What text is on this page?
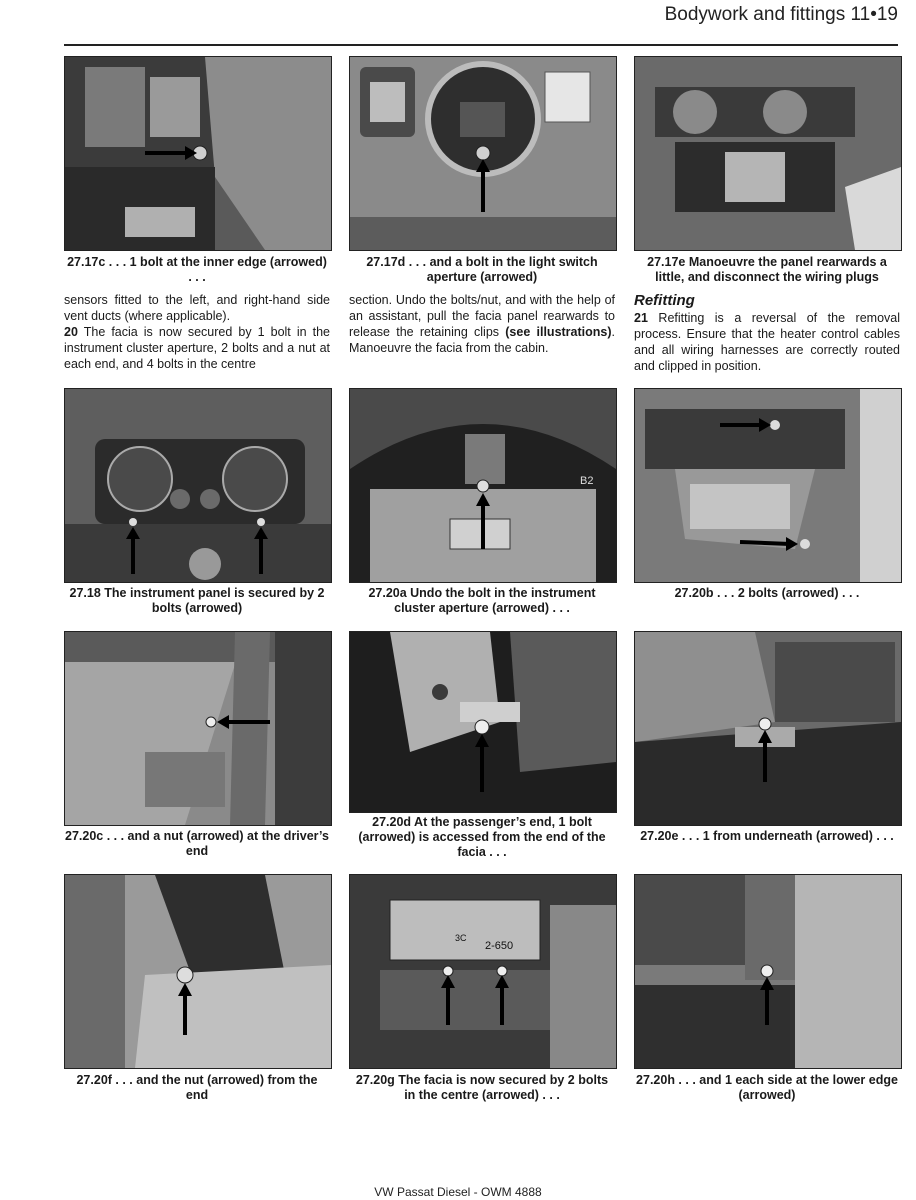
Bodywork and fittings 11•19
27.17c . . . 1 bolt at the inner edge (arrowed) . . .
27.17d . . . and a bolt in the light switch aperture (arrowed)
27.17e Manoeuvre the panel rearwards a little, and disconnect the wiring plugs

sensors fitted to the left, and right-hand side vent ducts (where applicable).

20 The facia is now secured by 1 bolt in the instrument cluster aperture, 2 bolts and a nut at each end, and 4 bolts in the centre

section. Undo the bolts/nut, and with the help of an assistant, pull the facia panel rearwards to release the retaining clips (see illustrations). Manoeuvre the facia from the cabin.

Refitting

21 Refitting is a reversal of the removal process. Ensure that the heater control cables and all wiring harnesses are correctly routed and clipped in position.

B2
27.18 The instrument panel is secured by 2 bolts (arrowed)
27.20a Undo the bolt in the instrument cluster aperture (arrowed) . . .
27.20b . . . 2 bolts (arrowed) . . .
27.20c . . . and a nut (arrowed) at the driver’s end
27.20d At the passenger’s end, 1 bolt (arrowed) is accessed from the end of the facia . . .
27.20e . . . 1 from underneath (arrowed) . . .
2-650
3C
27.20f . . . and the nut (arrowed) from the end
27.20g The facia is now secured by 2 bolts in the centre (arrowed) . . .
27.20h . . . and 1 each side at the lower edge (arrowed)
VW Passat Diesel - OWM 4888
